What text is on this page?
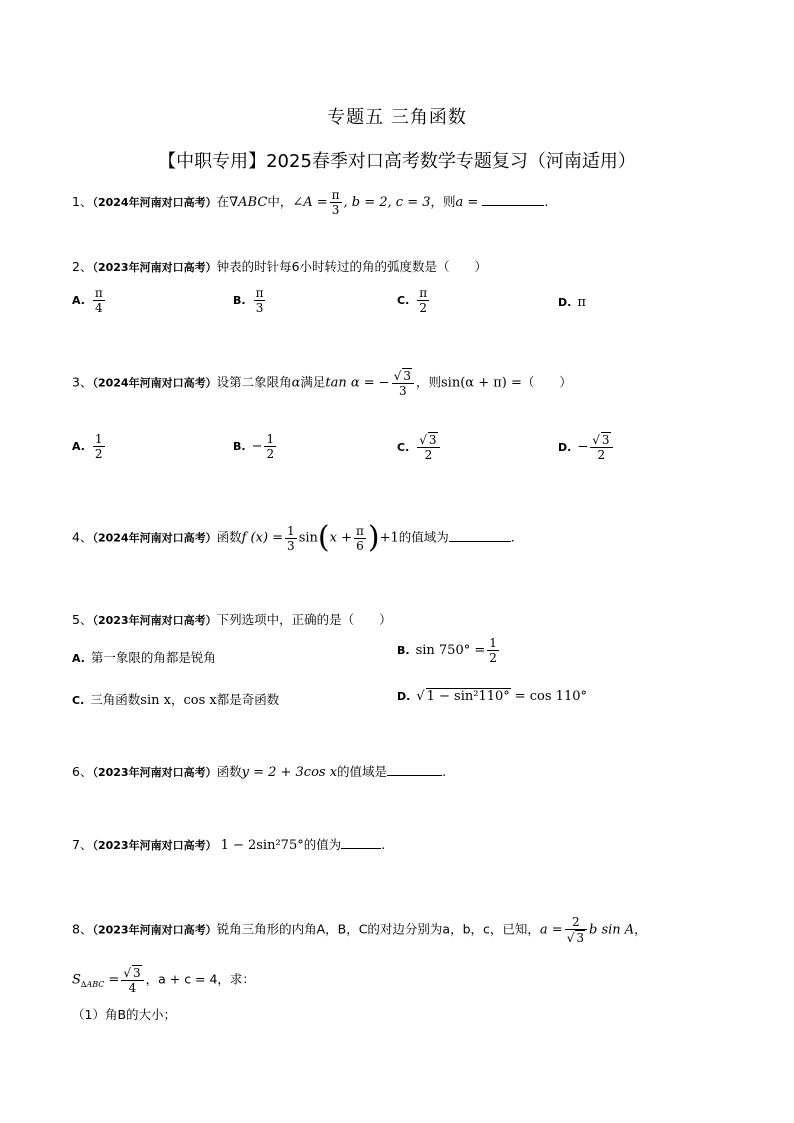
专题五 三角函数
【中职专用】2025春季对口高考数学专题复习（河南适用）
1、（2024年河南对口高考）在∇ABC中，∠A = $\frac{\pi}{3}$ , b = 2, c = 3，则a =	.
2、（2023年河南对口高考）钟表的时针每6小时转过的角的弧度数是（　　）
A. $\frac{\pi}{4}$	B. $\frac{\pi}{3}$	C. $\frac{\pi}{2}$	D. π
3、（2024年河南对口高考）设第二象限角α满足tan α = − $\frac{√ 3}{3}$ ，则sin(α + π) =（　　）
A. $\frac{1}{2}$	B. − $\frac{1}{2}$	C. $\frac{√ 3}{2}$	D. − $\frac{√ 3}{2}$
4、（2024年河南对口高考）函数f $(x) = \frac{1}{3} \sin(x + \frac{\pi}{6} )+1$的值域为	.
5、（2023年河南对口高考）下列选项中，正确的是（　　）
A. 第一象限的角都是锐角	B. $\sin 750^\circ = \frac{1}{2}$
C. 三角函数sin x，cos x都是奇函数	D. √ 1 − sin²110° = cos 110°
6、（2023年河南对口高考）函数y = 2 + 3cos x的值域是	.
7、（2023年河南对口高考） 1 − 2sin²75°的值为	.
8、（2023年河南对口高考）锐角三角形的内角A，B，C的对边分别为a，b，c，已知，$a = \frac{2}{√ 3}$ b sin A，
$S_{\Delta ABC} = \frac{√ 3}{4}$ ，a + c = 4，求：
（1）角B的大小；
